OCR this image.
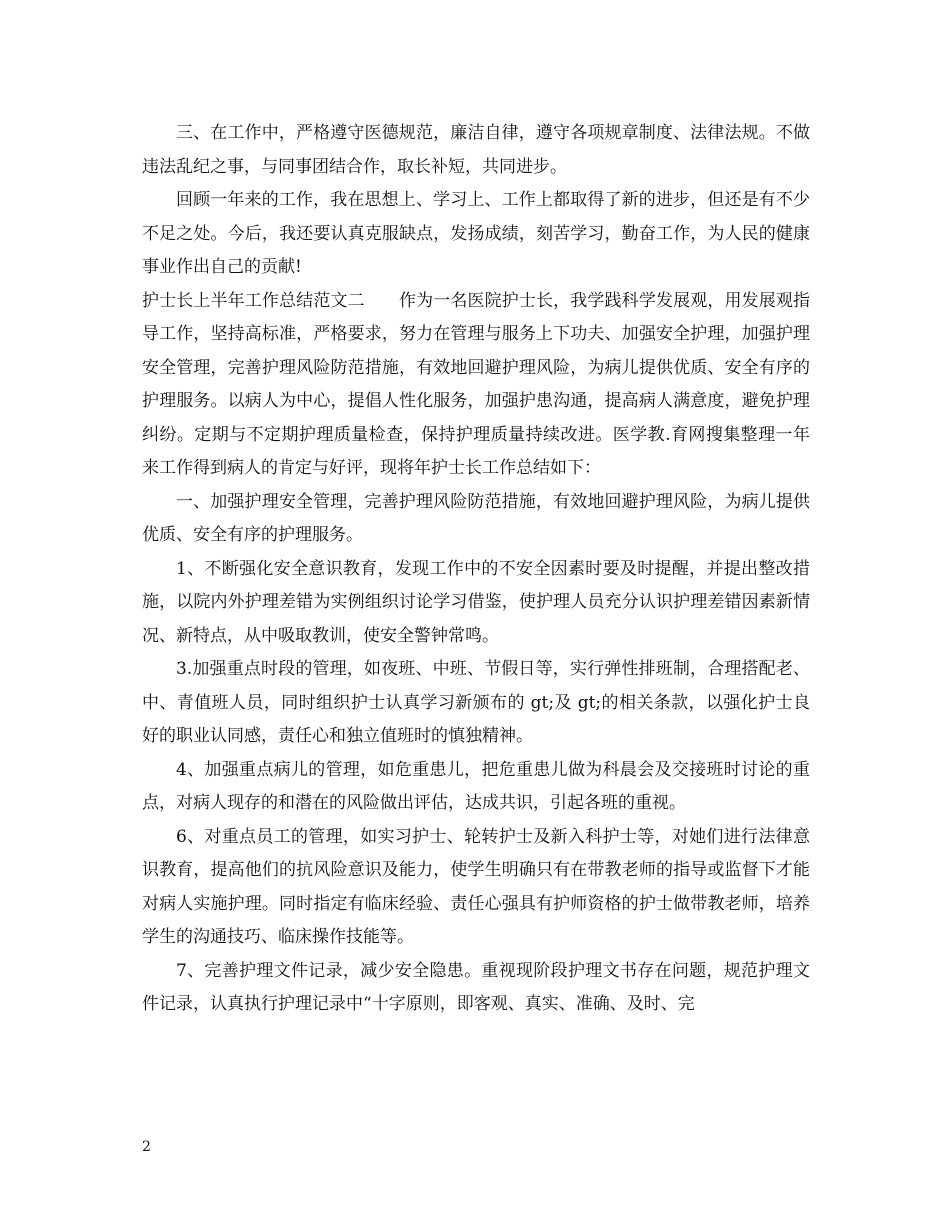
三、在工作中，严格遵守医德规范，廉洁自律，遵守各项规章制度、法律法规。不做违法乱纪之事，与同事团结合作，取长补短，共同进步。

回顾一年来的工作，我在思想上、学习上、工作上都取得了新的进步，但还是有不少不足之处。今后，我还要认真克服缺点，发扬成绩，刻苦学习，勤奋工作，为人民的健康事业作出自己的贡献!

护士长上半年工作总结范文二　　作为一名医院护士长，我学践科学发展观，用发展观指导工作，坚持高标准，严格要求，努力在管理与服务上下功夫、加强安全护理，加强护理安全管理，完善护理风险防范措施，有效地回避护理风险，为病儿提供优质、安全有序的护理服务。以病人为中心，提倡人性化服务，加强护患沟通，提高病人满意度，避免护理纠纷。定期与不定期护理质量检查，保持护理质量持续改进。医学教.育网搜集整理一年来工作得到病人的肯定与好评，现将年护士长工作总结如下：

一、加强护理安全管理，完善护理风险防范措施，有效地回避护理风险，为病儿提供优质、安全有序的护理服务。

1、不断强化安全意识教育，发现工作中的不安全因素时要及时提醒，并提出整改措施，以院内外护理差错为实例组织讨论学习借鉴，使护理人员充分认识护理差错因素新情况、新特点，从中吸取教训，使安全警钟常鸣。

3.加强重点时段的管理，如夜班、中班、节假日等，实行弹性排班制，合理搭配老、中、青值班人员，同时组织护士认真学习新颁布的 gt;及 gt;的相关条款，以强化护士良好的职业认同感，责任心和独立值班时的慎独精神。

4、加强重点病儿的管理，如危重患儿，把危重患儿做为科晨会及交接班时讨论的重点，对病人现存的和潜在的风险做出评估，达成共识，引起各班的重视。

6、对重点员工的管理，如实习护士、轮转护士及新入科护士等，对她们进行法律意识教育，提高他们的抗风险意识及能力，使学生明确只有在带教老师的指导或监督下才能对病人实施护理。同时指定有临床经验、责任心强具有护师资格的护士做带教老师，培养学生的沟通技巧、临床操作技能等。

7、完善护理文件记录，减少安全隐患。重视现阶段护理文书存在问题，规范护理文件记录，认真执行护理记录中“十字原则，即客观、真实、准确、及时、完

2
